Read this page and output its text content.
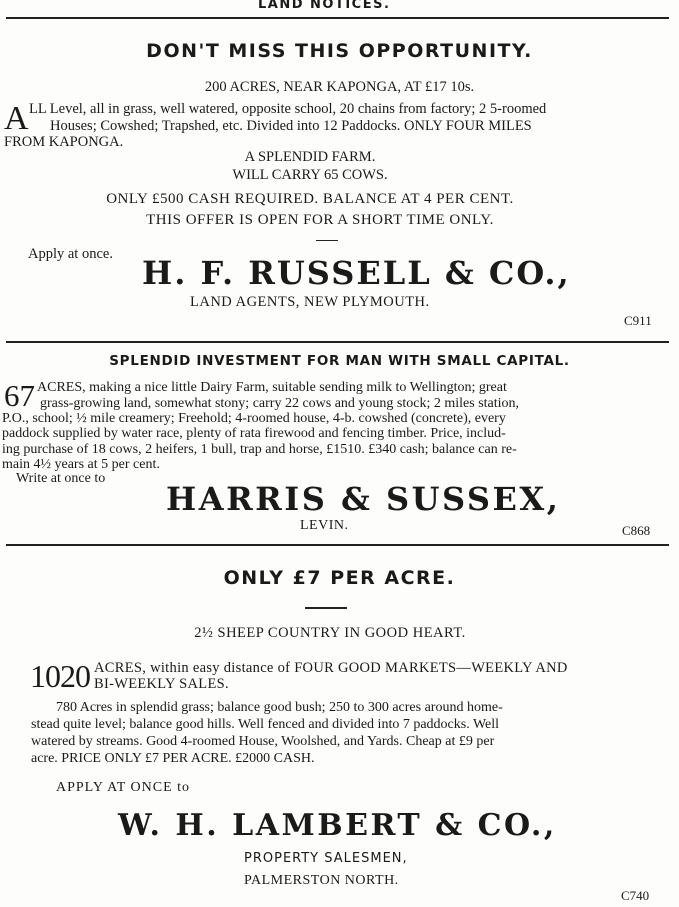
LAND NOTICES.
DON'T MISS THIS OPPORTUNITY.
200 ACRES, NEAR KAPONGA, AT £17 10s.
A LL Level, all in grass, well watered, opposite school, 20 chains from factory; 2 5-roomed
Houses; Cowshed; Trapshed, etc. Divided into 12 Paddocks. ONLY FOUR MILES
FROM KAPONGA.
A SPLENDID FARM.
WILL CARRY 65 COWS.
ONLY £500 CASH REQUIRED. BALANCE AT 4 PER CENT.
THIS OFFER IS OPEN FOR A SHORT TIME ONLY.
Apply at once. H. F. RUSSELL & CO.,
LAND AGENTS, NEW PLYMOUTH.
C911
SPLENDID INVESTMENT FOR MAN WITH SMALL CAPITAL.
67 ACRES, making a nice little Dairy Farm, suitable sending milk to Wellington; great
grass-growing land, somewhat stony; carry 22 cows and young stock; 2 miles station,
P.O., school; ½ mile creamery; Freehold; 4-roomed house, 4-b. cowshed (concrete), every
paddock supplied by water race, plenty of rata firewood and fencing timber. Price, includ-
ing purchase of 18 cows, 2 heifers, 1 bull, trap and horse, £1510. £340 cash; balance can re-
main 4½ years at 5 per cent.
Write at once to
HARRIS & SUSSEX,
LEVIN.	C868
ONLY £7 PER ACRE.
2½ SHEEP COUNTRY IN GOOD HEART.
1020 ACRES, within easy distance of FOUR GOOD MARKETS—WEEKLY AND
BI-WEEKLY SALES.
780 Acres in splendid grass; balance good bush; 250 to 300 acres around home-
stead quite level; balance good hills. Well fenced and divided into 7 paddocks. Well
watered by streams. Good 4-roomed House, Woolshed, and Yards. Cheap at £9 per
acre. PRICE ONLY £7 PER ACRE. £2000 CASH.
APPLY AT ONCE to
W. H. LAMBERT & CO.,
PROPERTY SALESMEN,
PALMERSTON NORTH.
C740
